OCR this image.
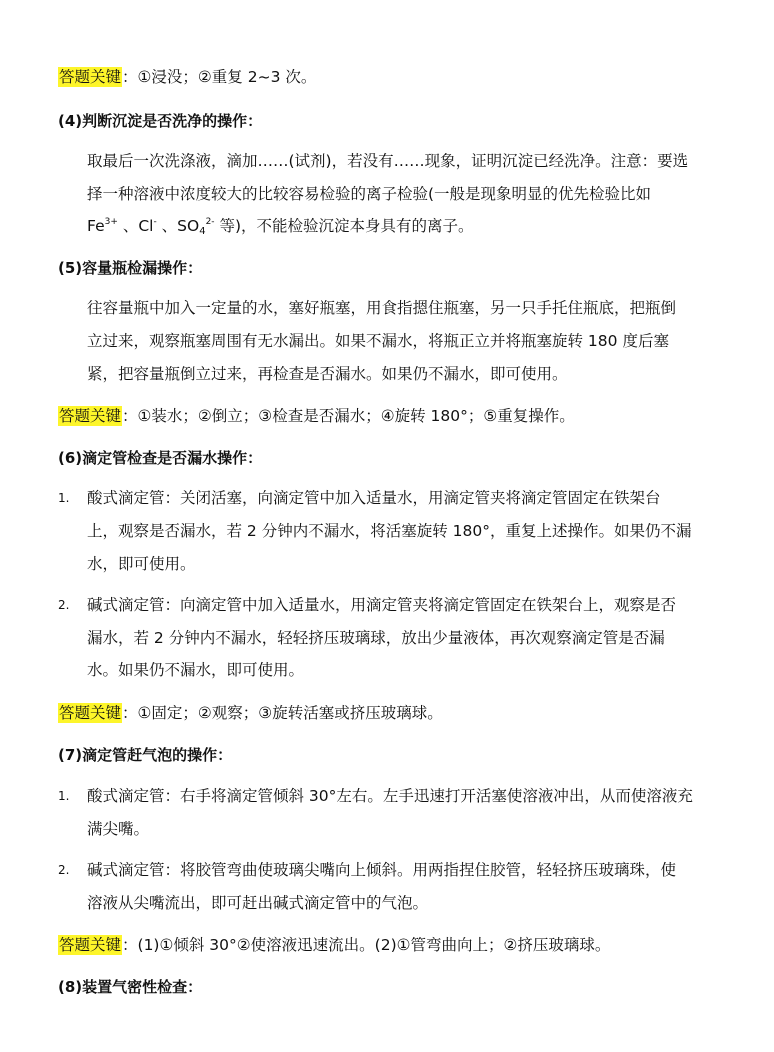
答题关键：①浸没；②重复 2~3 次。
(4)判断沉淀是否洗净的操作：
取最后一次洗涤液，滴加……(试剂)，若没有……现象，证明沉淀已经洗净。注意：要选
择一种溶液中浓度较大的比较容易检验的离子检验(一般是现象明显的优先检验比如
$Fe^{3+}$ 、Cl- 、$SO_4^{2-}$ 等)，不能检验沉淀本身具有的离子。
(5)容量瓶检漏操作：
往容量瓶中加入一定量的水，塞好瓶塞，用食指摁住瓶塞，另一只手托住瓶底，把瓶倒
立过来，观察瓶塞周围有无水漏出。如果不漏水，将瓶正立并将瓶塞旋转 180 度后塞
紧，把容量瓶倒立过来，再检查是否漏水。如果仍不漏水，即可使用。
答题关键：①装水；②倒立；③检查是否漏水；④旋转 180°；⑤重复操作。
(6)滴定管检查是否漏水操作：
1. 酸式滴定管：关闭活塞，向滴定管中加入适量水，用滴定管夹将滴定管固定在铁架台
上，观察是否漏水，若 2 分钟内不漏水，将活塞旋转 180°，重复上述操作。如果仍不漏
水，即可使用。
2. 碱式滴定管：向滴定管中加入适量水，用滴定管夹将滴定管固定在铁架台上，观察是否
漏水，若 2 分钟内不漏水，轻轻挤压玻璃球，放出少量液体，再次观察滴定管是否漏
水。如果仍不漏水，即可使用。
答题关键：①固定；②观察；③旋转活塞或挤压玻璃球。
(7)滴定管赶气泡的操作：
1. 酸式滴定管：右手将滴定管倾斜 30°左右。左手迅速打开活塞使溶液冲出，从而使溶液充
满尖嘴。
2. 碱式滴定管：将胶管弯曲使玻璃尖嘴向上倾斜。用两指捏住胶管，轻轻挤压玻璃珠，使
溶液从尖嘴流出，即可赶出碱式滴定管中的气泡。
答题关键：(1)①倾斜 30°②使溶液迅速流出。(2)①管弯曲向上；②挤压玻璃球。
(8)装置气密性检查：
